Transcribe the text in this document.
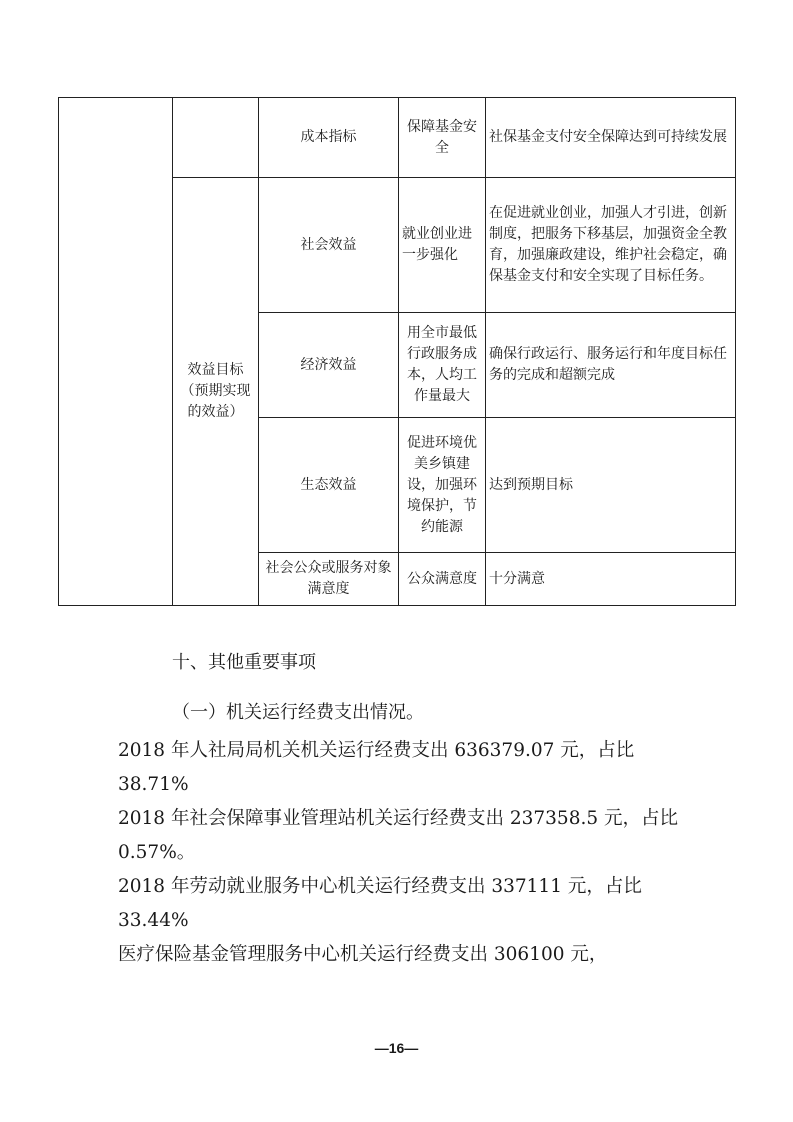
		成本指标	保障基金安全	社保基金支付安全保障达到可持续发展
	效益目标（预期实现的效益）	社会效益	就业创业进一步强化	在促进就业创业，加强人才引进，创新制度，把服务下移基层，加强资金全教育，加强廉政建设，维护社会稳定，确保基金支付和安全实现了目标任务。
		经济效益	用全市最低行政服务成本，人均工作量最大	确保行政运行、服务运行和年度目标任务的完成和超额完成
		生态效益	促进环境优美乡镇建设，加强环境保护，节约能源	达到预期目标
		社会公众或服务对象满意度	公众满意度	十分满意
十、其他重要事项
（一）机关运行经费支出情况。

2018 年人社局局机关机关运行经费支出 636379.07 元，占比 38.71%

2018 年社会保障事业管理站机关运行经费支出 237358.5 元，占比 0.57%。

2018 年劳动就业服务中心机关运行经费支出 337111 元，占比 33.44%

医疗保险基金管理服务中心机关运行经费支出 306100 元，

—16—
